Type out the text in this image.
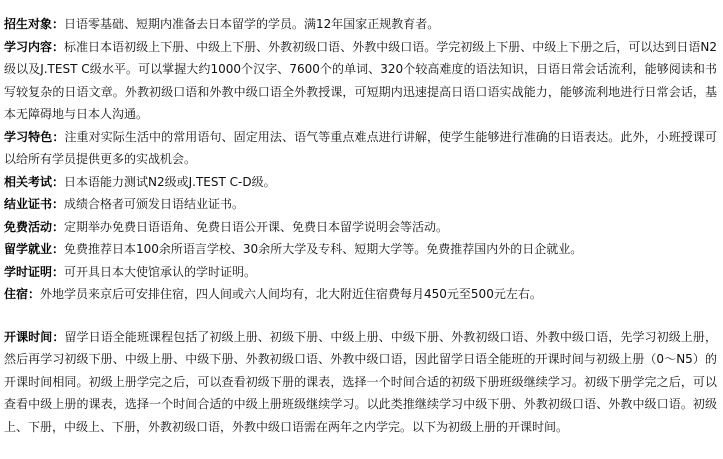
招生对象：日语零基础、短期内准备去日本留学的学员。满12年国家正规教育者。

学习内容：标准日本语初级上下册、中级上下册、外教初级口语、外教中级口语。学完初级上下册、中级上下册之后，可以达到日语N2级以及J.TEST C级水平。可以掌握大约1000个汉字、7600个的单词、320个较高难度的语法知识，日语日常会话流利，能够阅读和书写较复杂的日语文章。外教初级口语和外教中级口语全外教授课，可短期内迅速提高日语口语实战能力，能够流利地进行日常会话，基本无障碍地与日本人沟通。

学习特色：注重对实际生活中的常用语句、固定用法、语气等重点难点进行讲解，使学生能够进行准确的日语表达。此外，小班授课可以给所有学员提供更多的实战机会。

相关考试：日本语能力测试N2级或J.TEST C-D级。

结业证书：成绩合格者可颁发日语结业证书。

免费活动：定期举办免费日语语角、免费日语公开课、免费日本留学说明会等活动。

留学就业：免费推荐日本100余所语言学校、30余所大学及专科、短期大学等。免费推荐国内外的日企就业。

学时证明：可开具日本大使馆承认的学时证明。

住宿：外地学员来京后可安排住宿，四人间或六人间均有，北大附近住宿费每月450元至500元左右。

开课时间：留学日语全能班课程包括了初级上册、初级下册、中级上册、中级下册、外教初级口语、外教中级口语，先学习初级上册，然后再学习初级下册、中级上册、中级下册、外教初级口语、外教中级口语，因此留学日语全能班的开课时间与初级上册（0～N5）的开课时间相同。初级上册学完之后，可以查看初级下册的课表，选择一个时间合适的初级下册班级继续学习。初级下册学完之后，可以查看中级上册的课表，选择一个时间合适的中级上册班级继续学习。以此类推继续学习中级下册、外教初级口语、外教中级口语。初级上、下册，中级上、下册，外教初级口语，外教中级口语需在两年之内学完。以下为初级上册的开课时间。
